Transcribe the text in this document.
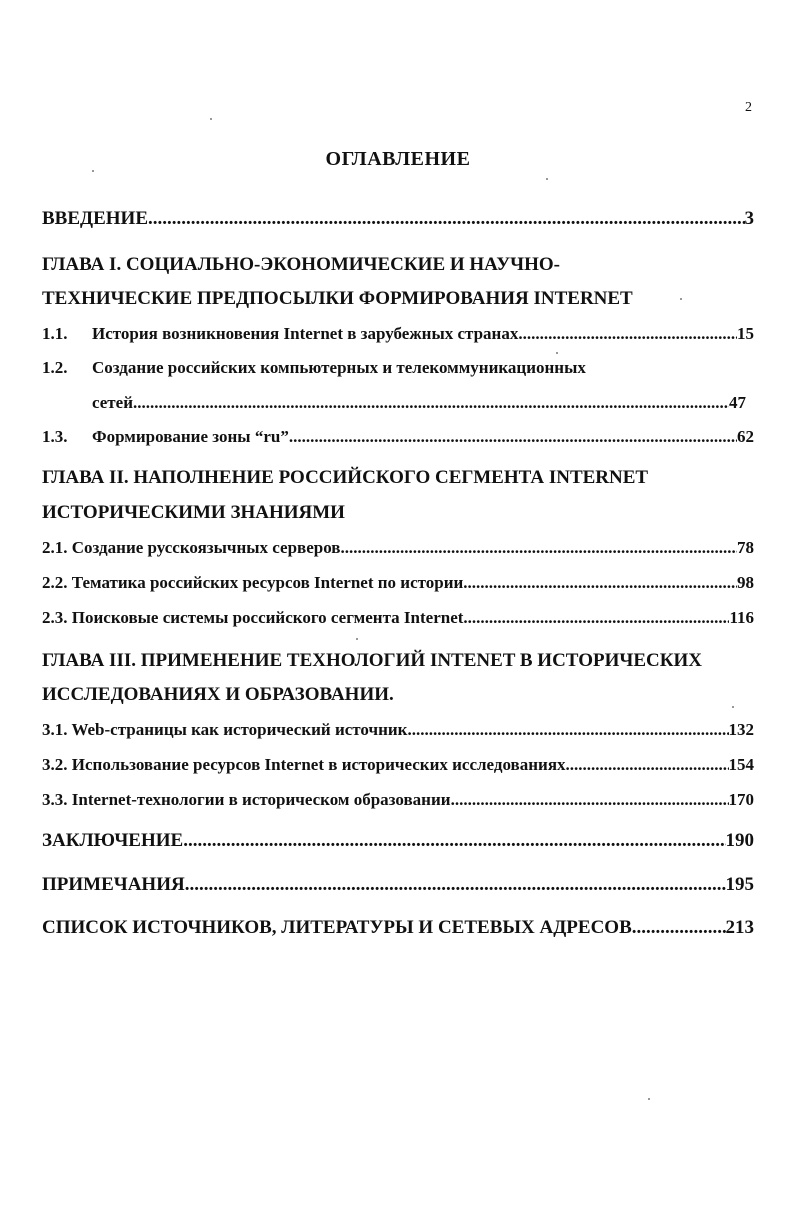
2
ОГЛАВЛЕНИЕ
ВВЕДЕНИЕ .....	3
ГЛАВА I. СОЦИАЛЬНО-ЭКОНОМИЧЕСКИЕ И НАУЧНО-
ТЕХНИЧЕСКИЕ ПРЕДПОСЫЛКИ ФОРМИРОВАНИЯ INTERNET
1.1.	История возникновения Internet в зарубежных странах .....	15
1.2.	Создание российских компьютерных и телекоммуникационных
сетей. .....	47
1.3.	Формирование зоны “ru” .....	62
ГЛАВА II. НАПОЛНЕНИЕ РОССИЙСКОГО СЕГМЕНТА INTERNET
ИСТОРИЧЕСКИМИ ЗНАНИЯМИ
2.1. Создание русскоязычных серверов .....	78
2.2. Тематика российских ресурсов Internet по истории .....	98
2.3. Поисковые системы российского сегмента Internet .....	116
ГЛАВА III. ПРИМЕНЕНИЕ ТЕХНОЛОГИЙ INTENET В ИСТОРИЧЕСКИХ
ИССЛЕДОВАНИЯХ И ОБРАЗОВАНИИ.
3.1. Web-страницы как исторический источник .....	132
3.2. Использование ресурсов Internet в исторических исследованиях .....	154
3.3. Internet-технологии в историческом образовании .....	170
ЗАКЛЮЧЕНИЕ .....	190
ПРИМЕЧАНИЯ .....	195
СПИСОК ИСТОЧНИКОВ, ЛИТЕРАТУРЫ И СЕТЕВЫХ АДРЕСОВ .....	213
